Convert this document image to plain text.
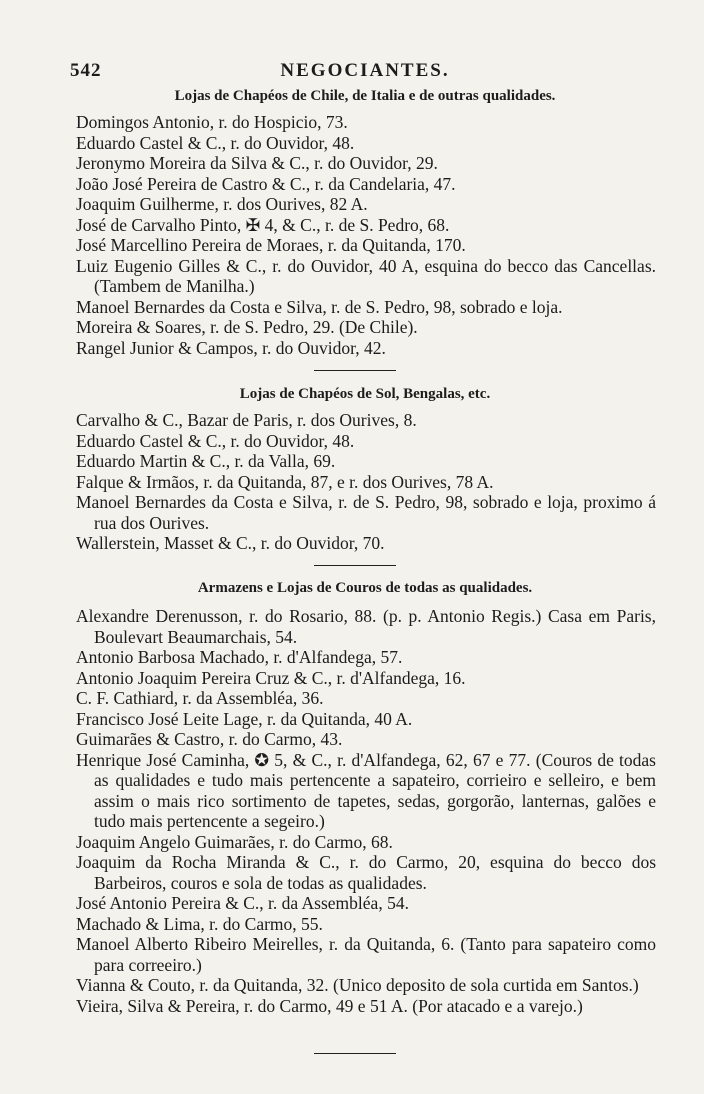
542	NEGOCIANTES.
Lojas de Chapéos de Chile, de Italia e de outras qualidades.
Domingos Antonio, r. do Hospicio, 73.
Eduardo Castel & C., r. do Ouvidor, 48.
Jeronymo Moreira da Silva & C., r. do Ouvidor, 29.
João José Pereira de Castro & C., r. da Candelaria, 47.
Joaquim Guilherme, r. dos Ourives, 82 A.
José de Carvalho Pinto, ✠ 4, & C., r. de S. Pedro, 68.
José Marcellino Pereira de Moraes, r. da Quitanda, 170.
Luiz Eugenio Gilles & C., r. do Ouvidor, 40 A, esquina do becco das Cancellas. (Tambem de Manilha.)
Manoel Bernardes da Costa e Silva, r. de S. Pedro, 98, sobrado e loja.
Moreira & Soares, r. de S. Pedro, 29. (De Chile).
Rangel Junior & Campos, r. do Ouvidor, 42.
Lojas de Chapéos de Sol, Bengalas, etc.
Carvalho & C., Bazar de Paris, r. dos Ourives, 8.
Eduardo Castel & C., r. do Ouvidor, 48.
Eduardo Martin & C., r. da Valla, 69.
Falque & Irmãos, r. da Quitanda, 87, e r. dos Ourives, 78 A.
Manoel Bernardes da Costa e Silva, r. de S. Pedro, 98, sobrado e loja, proximo á rua dos Ourives.
Wallerstein, Masset & C., r. do Ouvidor, 70.
Armazens e Lojas de Couros de todas as qualidades.
Alexandre Derenusson, r. do Rosario, 88. (p. p. Antonio Regis.) Casa em Paris, Boulevart Beaumarchais, 54.
Antonio Barbosa Machado, r. d'Alfandega, 57.
Antonio Joaquim Pereira Cruz & C., r. d'Alfandega, 16.
C. F. Cathiard, r. da Assembléa, 36.
Francisco José Leite Lage, r. da Quitanda, 40 A.
Guimarães & Castro, r. do Carmo, 43.
Henrique José Caminha, ✪ 5, & C., r. d'Alfandega, 62, 67 e 77. (Couros de todas as qualidades e tudo mais pertencente a sapateiro, corrieiro e selleiro, e bem assim o mais rico sortimento de tapetes, sedas, gorgorão, lanternas, galões e tudo mais pertencente a segeiro.)
Joaquim Angelo Guimarães, r. do Carmo, 68.
Joaquim da Rocha Miranda & C., r. do Carmo, 20, esquina do becco dos Barbeiros, couros e sola de todas as qualidades.
José Antonio Pereira & C., r. da Assembléa, 54.
Machado & Lima, r. do Carmo, 55.
Manoel Alberto Ribeiro Meirelles, r. da Quitanda, 6. (Tanto para sapateiro como para correeiro.)
Vianna & Couto, r. da Quitanda, 32. (Unico deposito de sola curtida em Santos.)
Vieira, Silva & Pereira, r. do Carmo, 49 e 51 A. (Por atacado e a varejo.)
